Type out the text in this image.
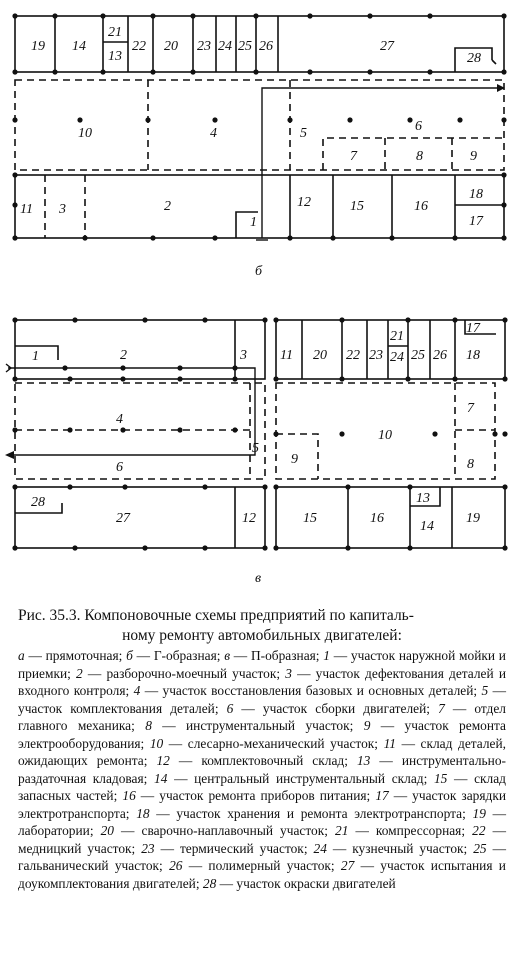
19 14
21
13
22 20 23 24 25 26	27
28
10	4	5	6
7	8	9
11 3	2
1
12	15	16
18
17
б
1	2	3 11 20 22 23
21
24 25 26
17
18
4
5
6
10
7
9	8
28
27	12	15	16
13
14
19
в
Рис. 35.3. Компоновочные схемы предприятий по капиталь-
ному ремонту автомобильных двигателей:
а — прямоточная; б — Г-образная; в — П-образная; 1 — участок наружной мойки и приемки; 2 — разборочно-моечный участок; 3 — участок дефектования деталей и входного контроля; 4 — участок восстановления базовых и основных деталей; 5 — участок комплектования деталей; 6 — участок сборки двигателей; 7 — отдел главного механика; 8 — инструментальный участок; 9 — участок ремонта электрооборудования; 10 — слесарно-механический участок; 11 — склад деталей, ожидающих ремонта; 12 — комплектовочный склад; 13 — инструментально-раздаточная кладовая; 14 — центральный инструментальный склад; 15 — склад запасных частей; 16 — участок ремонта приборов питания; 17 — участок зарядки электротранспорта; 18 — участок хранения и ремонта электротранспорта; 19 — лаборатории; 20 — сварочно-наплавочный участок; 21 — компрессорная; 22 — медницкий участок; 23 — термический участок; 24 — кузнечный участок; 25 — гальванический участок; 26 — полимерный участок; 27 — участок испытания и доукомплектования двигателей; 28 — участок окраски двигателей
